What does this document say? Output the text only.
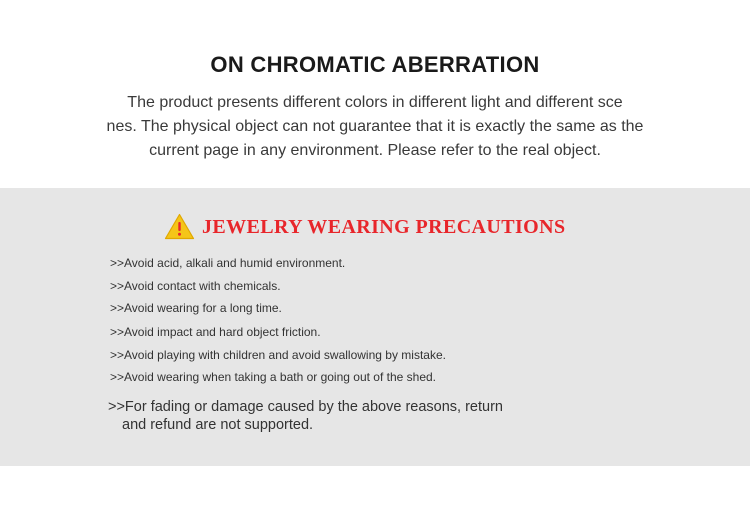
ON CHROMATIC ABERRATION
The product presents different colors in different light and different sce
nes. The physical object can not guarantee that it is exactly the same as the
current page in any environment. Please refer to the real object.
JEWELRY WEARING PRECAUTIONS
>>Avoid acid, alkali and humid environment.
>>Avoid contact with chemicals.
>>Avoid wearing for a long time.
>>Avoid impact and hard object friction.
>>Avoid playing with children and avoid swallowing by mistake.
>>Avoid wearing when taking a bath or going out of the shed.
>>For fading or damage caused by the above reasons, return
and refund are not supported.
